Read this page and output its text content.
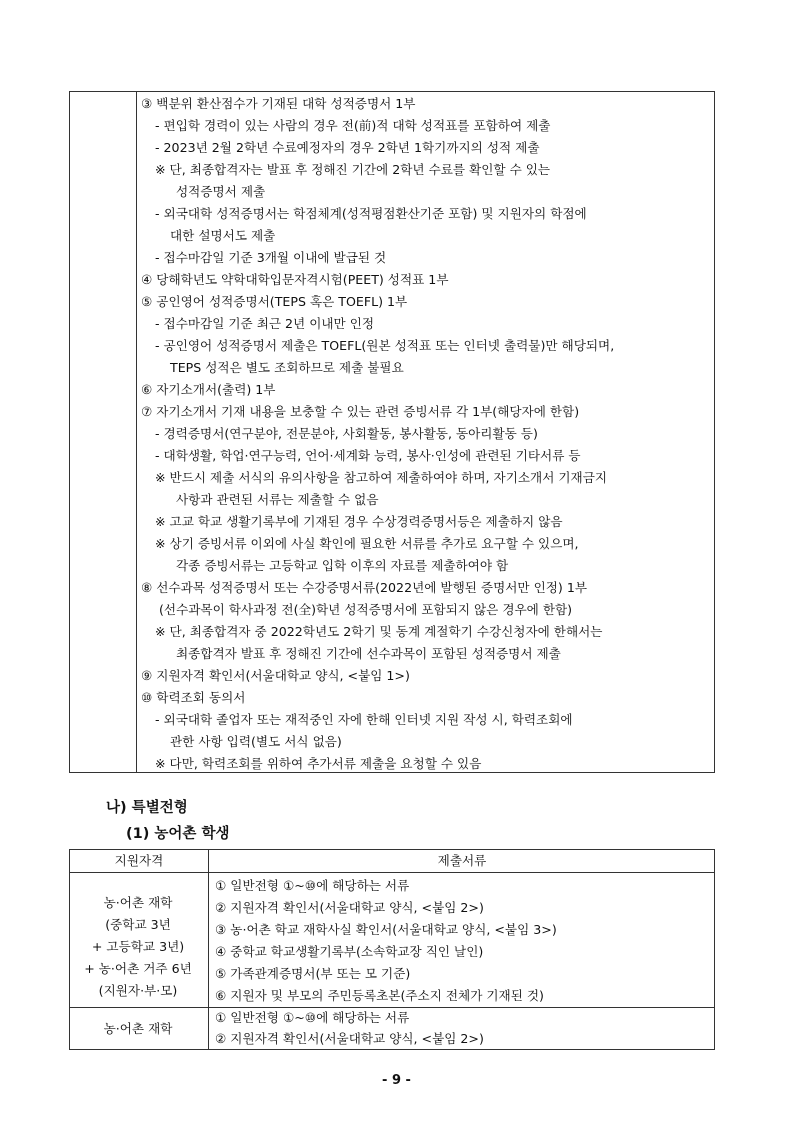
③ 백분위 환산점수가 기재된 대학 성적증명서 1부
- 편입학 경력이 있는 사람의 경우 전(前)적 대학 성적표를 포함하여 제출
- 2023년 2월 2학년 수료예정자의 경우 2학년 1학기까지의 성적 제출
※ 단, 최종합격자는 발표 후 정해진 기간에 2학년 수료를 확인할 수 있는
성적증명서 제출
- 외국대학 성적증명서는 학점체계(성적평점환산기준 포함) 및 지원자의 학점에
대한 설명서도 제출
- 접수마감일 기준 3개월 이내에 발급된 것
④ 당해학년도 약학대학입문자격시험(PEET) 성적표 1부
⑤ 공인영어 성적증명서(TEPS 혹은 TOEFL) 1부
- 접수마감일 기준 최근 2년 이내만 인정
- 공인영어 성적증명서 제출은 TOEFL(원본 성적표 또는 인터넷 출력물)만 해당되며,
TEPS 성적은 별도 조회하므로 제출 불필요
⑥ 자기소개서(출력) 1부
⑦ 자기소개서 기재 내용을 보충할 수 있는 관련 증빙서류 각 1부(해당자에 한함)
- 경력증명서(연구분야, 전문분야, 사회활동, 봉사활동, 동아리활동 등)
- 대학생활, 학업·연구능력, 언어·세계화 능력, 봉사·인성에 관련된 기타서류 등
※ 반드시 제출 서식의 유의사항을 참고하여 제출하여야 하며, 자기소개서 기재금지
사항과 관련된 서류는 제출할 수 없음
※ 고교 학교 생활기록부에 기재된 경우 수상경력증명서등은 제출하지 않음
※ 상기 증빙서류 이외에 사실 확인에 필요한 서류를 추가로 요구할 수 있으며,
각종 증빙서류는 고등학교 입학 이후의 자료를 제출하여야 함
⑧ 선수과목 성적증명서 또는 수강증명서류(2022년에 발행된 증명서만 인정) 1부
(선수과목이 학사과정 전(全)학년 성적증명서에 포함되지 않은 경우에 한함)
※ 단, 최종합격자 중 2022학년도 2학기 및 동계 계절학기 수강신청자에 한해서는
최종합격자 발표 후 정해진 기간에 선수과목이 포함된 성적증명서 제출
⑨ 지원자격 확인서(서울대학교 양식, <붙임 1>)
⑩ 학력조회 동의서
- 외국대학 졸업자 또는 재적중인 자에 한해 인터넷 지원 작성 시, 학력조회에
관한 사항 입력(별도 서식 없음)
※ 다만, 학력조회를 위하여 추가서류 제출을 요청할 수 있음
나) 특별전형
(1) 농어촌 학생
지원자격	제출서류
농·어촌 재학
(중학교 3년
+ 고등학교 3년)
+ 농·어촌 거주 6년
(지원자·부·모)
① 일반전형 ①~⑩에 해당하는 서류
② 지원자격 확인서(서울대학교 양식, <붙임 2>)
③ 농·어촌 학교 재학사실 확인서(서울대학교 양식, <붙임 3>)
④ 중학교 학교생활기록부(소속학교장 직인 날인)
⑤ 가족관계증명서(부 또는 모 기준)
⑥ 지원자 및 부모의 주민등록초본(주소지 전체가 기재된 것)
농·어촌 재학
① 일반전형 ①~⑩에 해당하는 서류
② 지원자격 확인서(서울대학교 양식, <붙임 2>)
- 9 -
